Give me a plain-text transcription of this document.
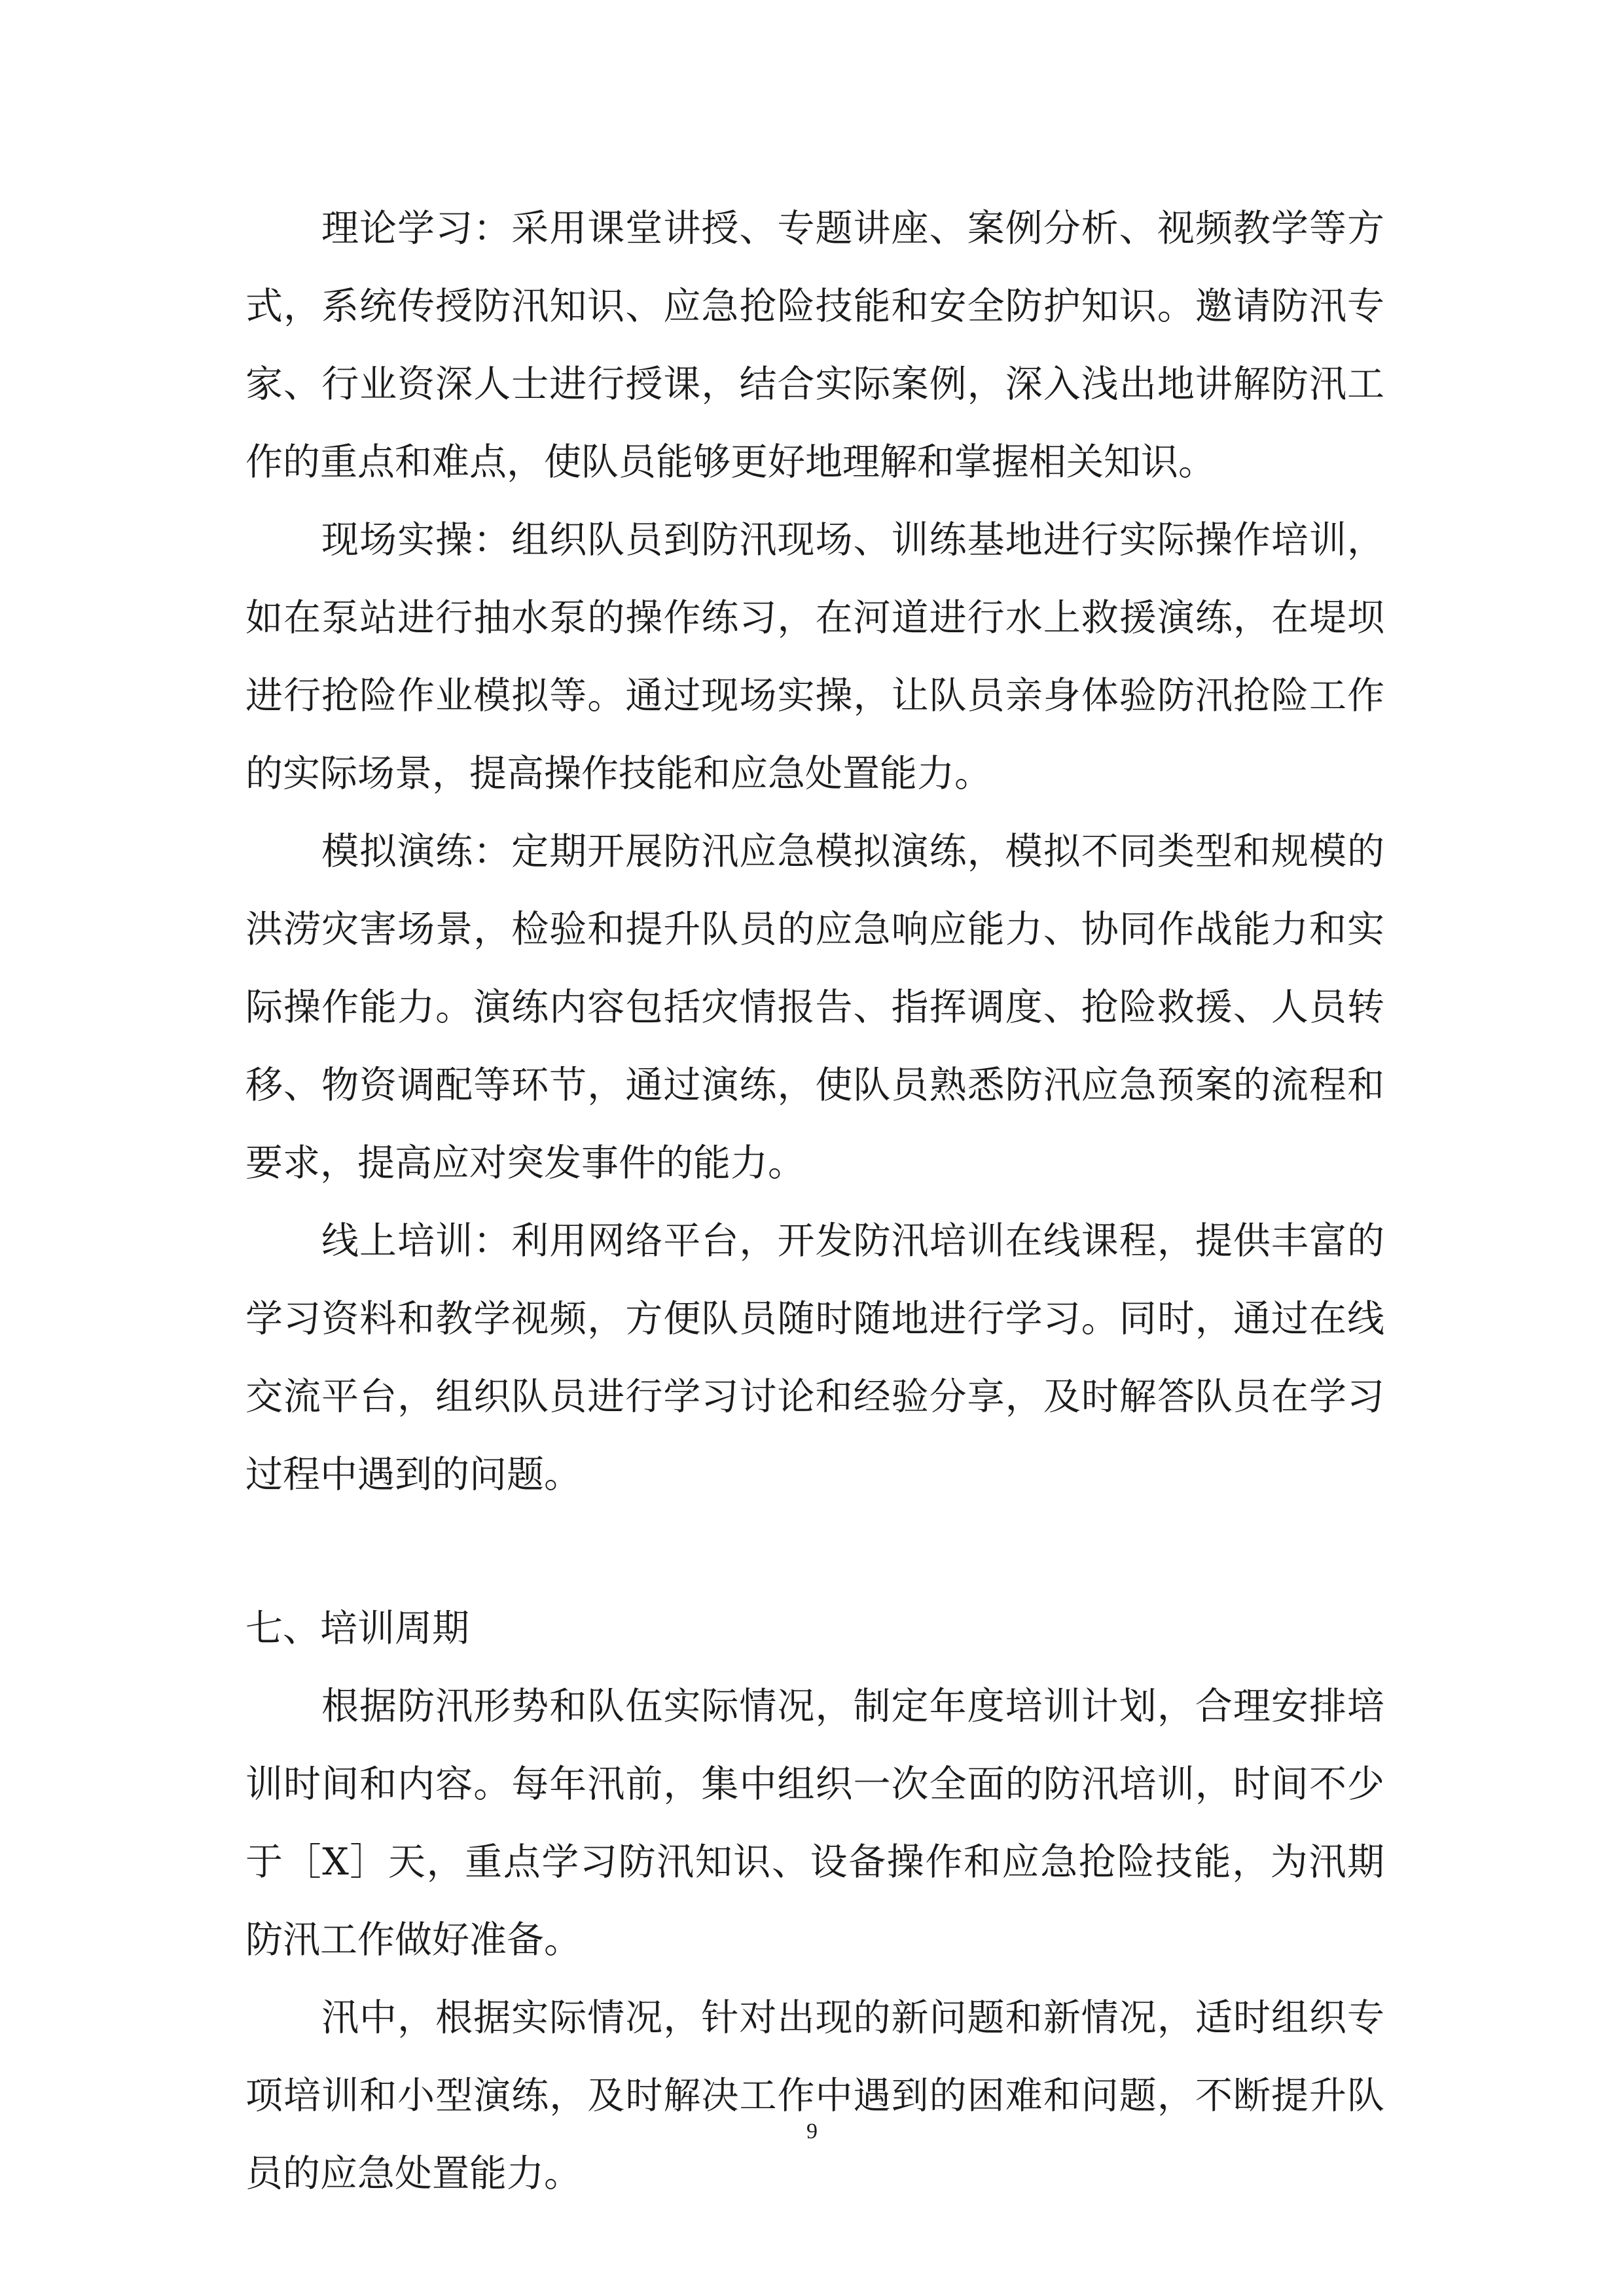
理论学习：采用课堂讲授、专题讲座、案例分析、视频教学等方式，系统传授防汛知识、应急抢险技能和安全防护知识。邀请防汛专家、行业资深人士进行授课，结合实际案例，深入浅出地讲解防汛工作的重点和难点，使队员能够更好地理解和掌握相关知识。

现场实操：组织队员到防汛现场、训练基地进行实际操作培训，如在泵站进行抽水泵的操作练习，在河道进行水上救援演练，在堤坝进行抢险作业模拟等。通过现场实操，让队员亲身体验防汛抢险工作的实际场景，提高操作技能和应急处置能力。

模拟演练：定期开展防汛应急模拟演练，模拟不同类型和规模的洪涝灾害场景，检验和提升队员的应急响应能力、协同作战能力和实际操作能力。演练内容包括灾情报告、指挥调度、抢险救援、人员转移、物资调配等环节，通过演练，使队员熟悉防汛应急预案的流程和要求，提高应对突发事件的能力。

线上培训：利用网络平台，开发防汛培训在线课程，提供丰富的学习资料和教学视频，方便队员随时随地进行学习。同时，通过在线交流平台，组织队员进行学习讨论和经验分享，及时解答队员在学习过程中遇到的问题。

七、培训周期

根据防汛形势和队伍实际情况，制定年度培训计划，合理安排培训时间和内容。每年汛前，集中组织一次全面的防汛培训，时间不少于［X］天，重点学习防汛知识、设备操作和应急抢险技能，为汛期防汛工作做好准备。

汛中，根据实际情况，针对出现的新问题和新情况，适时组织专项培训和小型演练，及时解决工作中遇到的困难和问题，不断提升队员的应急处置能力。

9
